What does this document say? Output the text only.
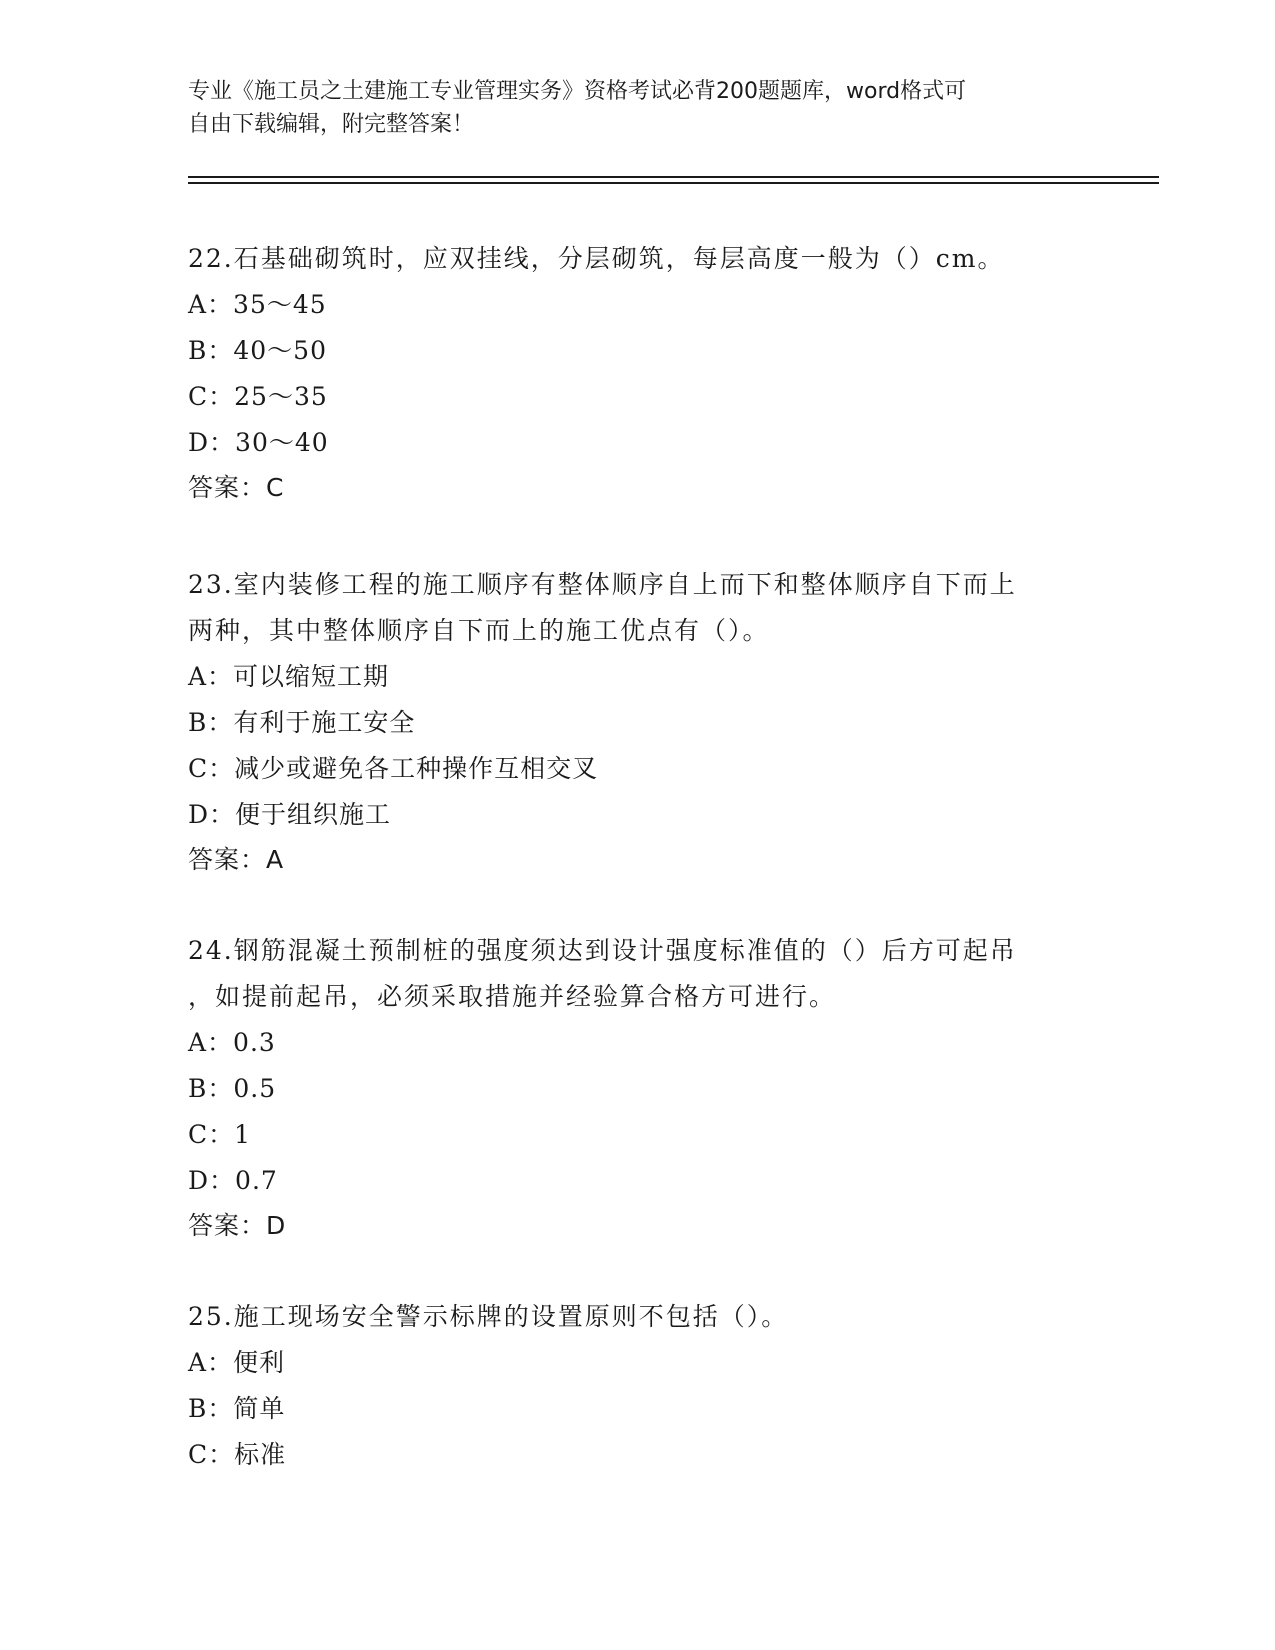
专业《施工员之土建施工专业管理实务》资格考试必背200题题库，word格式可
自由下载编辑，附完整答案！
22.石基础砌筑时，应双挂线，分层砌筑，每层高度一般为（）cm。
A：35～45
B：40～50
C：25～35
D：30～40
答案：C
23.室内装修工程的施工顺序有整体顺序自上而下和整体顺序自下而上
两种，其中整体顺序自下而上的施工优点有（）。
A：可以缩短工期
B：有利于施工安全
C：减少或避免各工种操作互相交叉
D：便于组织施工
答案：A
24.钢筋混凝土预制桩的强度须达到设计强度标准值的（）后方可起吊
，如提前起吊，必须采取措施并经验算合格方可进行。
A：0.3
B：0.5
C：1
D：0.7
答案：D
25.施工现场安全警示标牌的设置原则不包括（）。
A：便利
B：简单
C：标准
